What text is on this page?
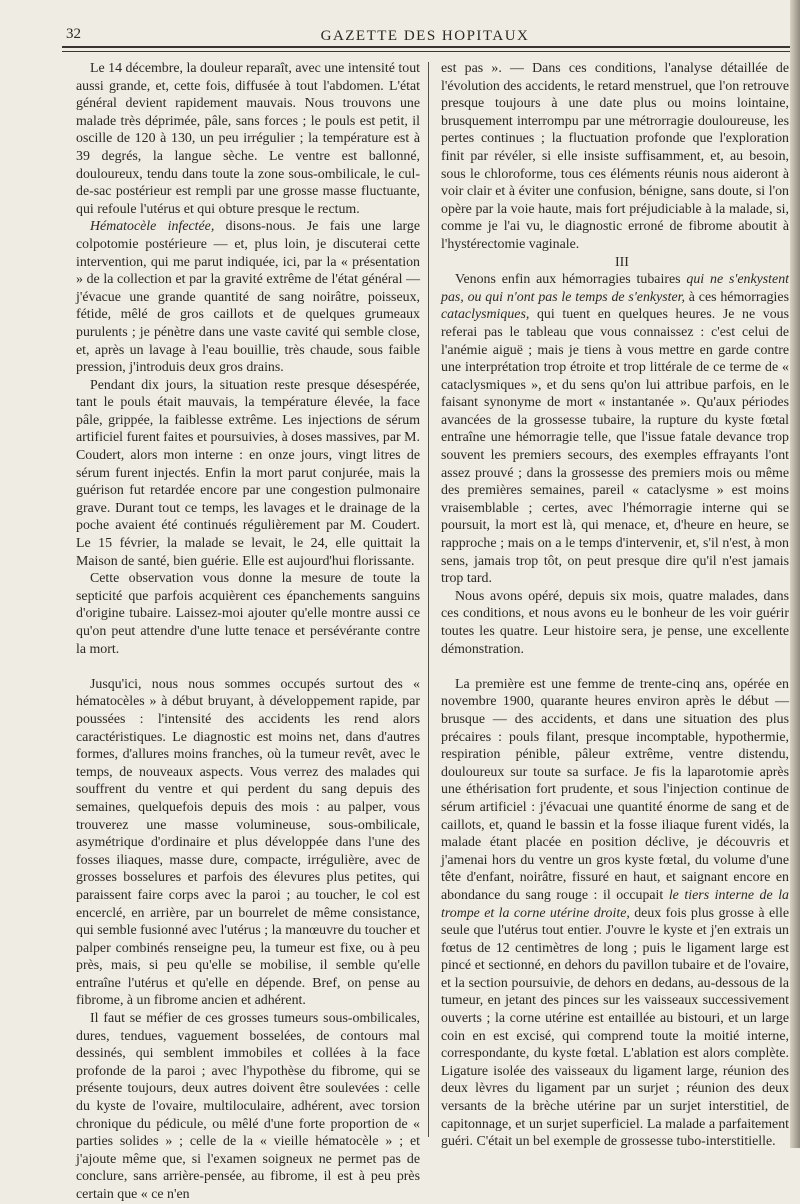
32	GAZETTE DES HOPITAUX

Le 14 décembre, la douleur reparaît, avec une intensité tout aussi grande, et, cette fois, diffusée à tout l'abdomen. L'état général devient rapidement mauvais. Nous trouvons une malade très déprimée, pâle, sans forces ; le pouls est petit, il oscille de 120 à 130, un peu irrégulier ; la température est à 39 degrés, la langue sèche. Le ventre est ballonné, douloureux, tendu dans toute la zone sous-ombilicale, le cul-de-sac postérieur est rempli par une grosse masse fluctuante, qui refoule l'utérus et qui obture presque le rectum.

Hématocèle infectée, disons-nous. Je fais une large colpotomie postérieure — et, plus loin, je discuterai cette intervention, qui me parut indiquée, ici, par la « présentation » de la collection et par la gravité extrême de l'état général — j'évacue une grande quantité de sang noirâtre, poisseux, fétide, mêlé de gros caillots et de quelques grumeaux purulents ; je pénètre dans une vaste cavité qui semble close, et, après un lavage à l'eau bouillie, très chaude, sous faible pression, j'introduis deux gros drains.

Pendant dix jours, la situation reste presque désespérée, tant le pouls était mauvais, la température élevée, la face pâle, grippée, la faiblesse extrême. Les injections de sérum artificiel furent faites et poursuivies, à doses massives, par M. Coudert, alors mon interne : en onze jours, vingt litres de sérum furent injectés. Enfin la mort parut conjurée, mais la guérison fut retardée encore par une congestion pulmonaire grave. Durant tout ce temps, les lavages et le drainage de la poche avaient été continués régulièrement par M. Coudert. Le 15 février, la malade se levait, le 24, elle quittait la Maison de santé, bien guérie. Elle est aujourd'hui florissante.

Cette observation vous donne la mesure de toute la septicité que parfois acquièrent ces épanchements sanguins d'origine tubaire. Laissez-moi ajouter qu'elle montre aussi ce qu'on peut attendre d'une lutte tenace et persévérante contre la mort.

Jusqu'ici, nous nous sommes occupés surtout des « hématocèles » à début bruyant, à développement rapide, par poussées : l'intensité des accidents les rend alors caractéristiques. Le diagnostic est moins net, dans d'autres formes, d'allures moins franches, où la tumeur revêt, avec le temps, de nouveaux aspects. Vous verrez des malades qui souffrent du ventre et qui perdent du sang depuis des semaines, quelquefois depuis des mois : au palper, vous trouverez une masse volumineuse, sous-ombilicale, asymétrique d'ordinaire et plus développée dans l'une des fosses iliaques, masse dure, compacte, irrégulière, avec de grosses bosselures et parfois des élevures plus petites, qui paraissent faire corps avec la paroi ; au toucher, le col est encerclé, en arrière, par un bourrelet de même consistance, qui semble fusionné avec l'utérus ; la manœuvre du toucher et palper combinés renseigne peu, la tumeur est fixe, ou à peu près, mais, si peu qu'elle se mobilise, il semble qu'elle entraîne l'utérus et qu'elle en dépende. Bref, on pense au fibrome, à un fibrome ancien et adhérent.

Il faut se méfier de ces grosses tumeurs sous-ombilicales, dures, tendues, vaguement bosselées, de contours mal dessinés, qui semblent immobiles et collées à la face profonde de la paroi ; avec l'hypothèse du fibrome, qui se présente toujours, deux autres doivent être soulevées : celle du kyste de l'ovaire, multiloculaire, adhérent, avec torsion chronique du pédicule, ou mêlé d'une forte proportion de « parties solides » ; celle de la « vieille hématocèle » ; et j'ajoute même que, si l'examen soigneux ne permet pas de conclure, sans arrière-pensée, au fibrome, il est à peu près certain que « ce n'en

est pas ». — Dans ces conditions, l'analyse détaillée de l'évolution des accidents, le retard menstruel, que l'on retrouve presque toujours à une date plus ou moins lointaine, brusquement interrompu par une métrorragie douloureuse, les pertes continues ; la fluctuation profonde que l'exploration finit par révéler, si elle insiste suffisamment, et, au besoin, sous le chloroforme, tous ces éléments réunis nous aideront à voir clair et à éviter une confusion, bénigne, sans doute, si l'on opère par la voie haute, mais fort préjudiciable à la malade, si, comme je l'ai vu, le diagnostic erroné de fibrome aboutit à l'hystérectomie vaginale.

III

Venons enfin aux hémorragies tubaires qui ne s'enkystent pas, ou qui n'ont pas le temps de s'enkyster, à ces hémorragies cataclysmiques, qui tuent en quelques heures. Je ne vous referai pas le tableau que vous connaissez : c'est celui de l'anémie aiguë ; mais je tiens à vous mettre en garde contre une interprétation trop étroite et trop littérale de ce terme de « cataclysmiques », et du sens qu'on lui attribue parfois, en le faisant synonyme de mort « instantanée ». Qu'aux périodes avancées de la grossesse tubaire, la rupture du kyste fœtal entraîne une hémorragie telle, que l'issue fatale devance trop souvent les premiers secours, des exemples effrayants l'ont assez prouvé ; dans la grossesse des premiers mois ou même des premières semaines, pareil « cataclysme » est moins vraisemblable ; certes, avec l'hémorragie interne qui se poursuit, la mort est là, qui menace, et, d'heure en heure, se rapproche ; mais on a le temps d'intervenir, et, s'il n'est, à mon sens, jamais trop tôt, on peut presque dire qu'il n'est jamais trop tard.

Nous avons opéré, depuis six mois, quatre malades, dans ces conditions, et nous avons eu le bonheur de les voir guérir toutes les quatre. Leur histoire sera, je pense, une excellente démonstration.

La première est une femme de trente-cinq ans, opérée en novembre 1900, quarante heures environ après le début — brusque — des accidents, et dans une situation des plus précaires : pouls filant, presque incomptable, hypothermie, respiration pénible, pâleur extrême, ventre distendu, douloureux sur toute sa surface. Je fis la laparotomie après une éthérisation fort prudente, et sous l'injection continue de sérum artificiel : j'évacuai une quantité énorme de sang et de caillots, et, quand le bassin et la fosse iliaque furent vidés, la malade étant placée en position déclive, je découvris et j'amenai hors du ventre un gros kyste fœtal, du volume d'une tête d'enfant, noirâtre, fissuré en haut, et saignant encore en abondance du sang rouge : il occupait le tiers interne de la trompe et la corne utérine droite, deux fois plus grosse à elle seule que l'utérus tout entier. J'ouvre le kyste et j'en extrais un fœtus de 12 centimètres de long ; puis le ligament large est pincé et sectionné, en dehors du pavillon tubaire et de l'ovaire, et la section poursuivie, de dehors en dedans, au-dessous de la tumeur, en jetant des pinces sur les vaisseaux successivement ouverts ; la corne utérine est entaillée au bistouri, et un large coin en est excisé, qui comprend toute la moitié interne, correspondante, du kyste fœtal. L'ablation est alors complète. Ligature isolée des vaisseaux du ligament large, réunion des deux lèvres du ligament par un surjet ; réunion des deux versants de la brèche utérine par un surjet interstitiel, de capitonnage, et un surjet superficiel. La malade a parfaitement guéri. C'était un bel exemple de grossesse tubo-interstitielle.
